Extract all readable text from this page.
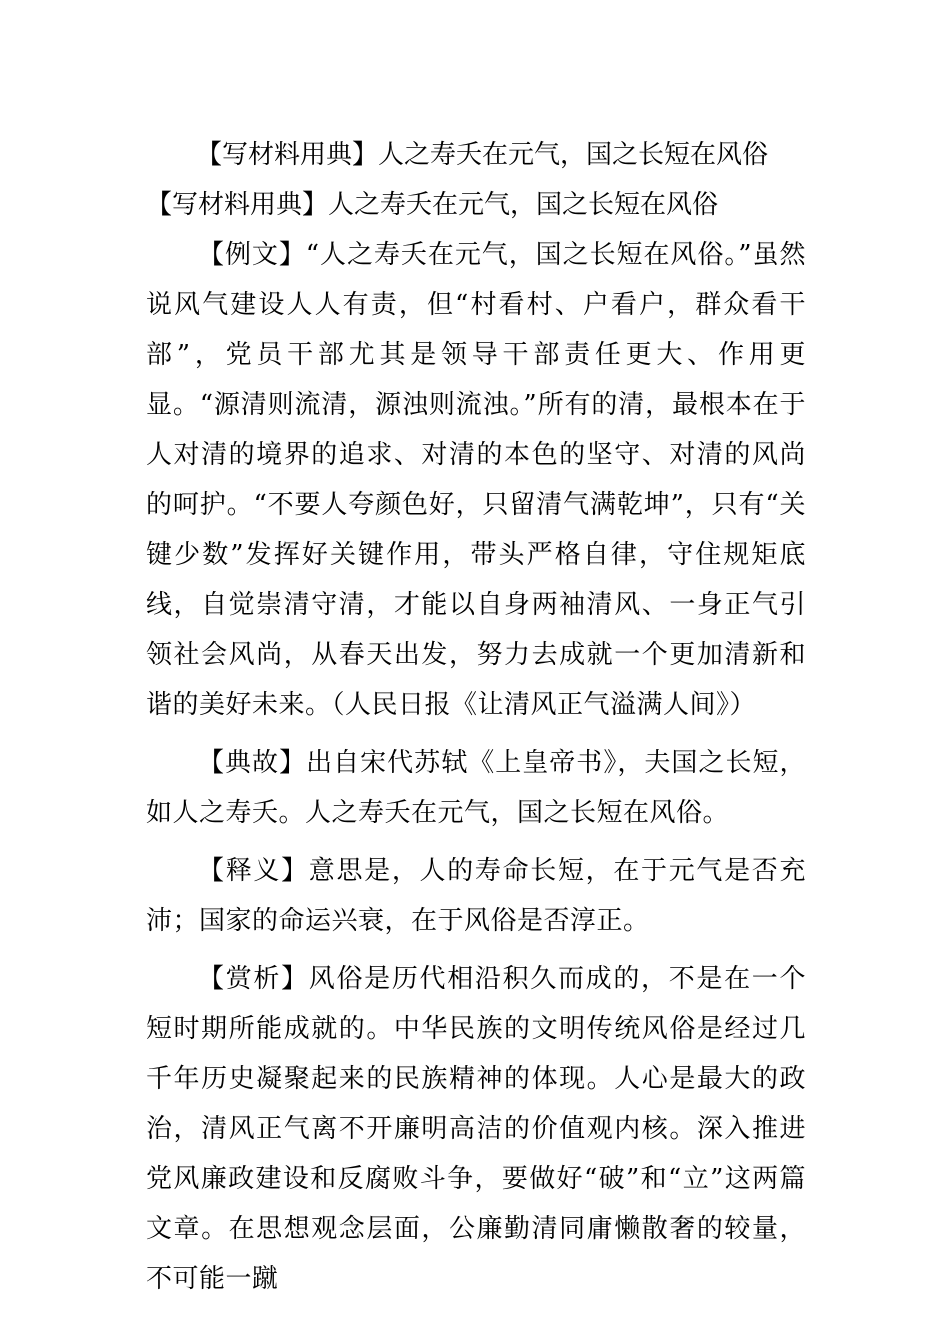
【写材料用典】人之寿夭在元气，国之长短在风俗
【写材料用典】人之寿夭在元气，国之长短在风俗

【例文】“人之寿夭在元气，国之长短在风俗。”虽然说风气建设人人有责，但“村看村、户看户，群众看干部”，党员干部尤其是领导干部责任更大、作用更显。“源清则流清，源浊则流浊。”所有的清，最根本在于人对清的境界的追求、对清的本色的坚守、对清的风尚的呵护。“不要人夸颜色好，只留清气满乾坤”，只有“关键少数”发挥好关键作用，带头严格自律，守住规矩底线，自觉崇清守清，才能以自身两袖清风、一身正气引领社会风尚，从春天出发，努力去成就一个更加清新和谐的美好未来。（人民日报《让清风正气溢满人间》）

【典故】出自宋代苏轼《上皇帝书》，夫国之长短，如人之寿夭。人之寿夭在元气，国之长短在风俗。

【释义】意思是，人的寿命长短，在于元气是否充沛；国家的命运兴衰，在于风俗是否淳正。

【赏析】风俗是历代相沿积久而成的，不是在一个短时期所能成就的。中华民族的文明传统风俗是经过几千年历史凝聚起来的民族精神的体现。人心是最大的政治，清风正气离不开廉明高洁的价值观内核。深入推进党风廉政建设和反腐败斗争，要做好“破”和“立”这两篇文章。在思想观念层面，公廉勤清同庸懒散奢的较量，不可能一蹴
